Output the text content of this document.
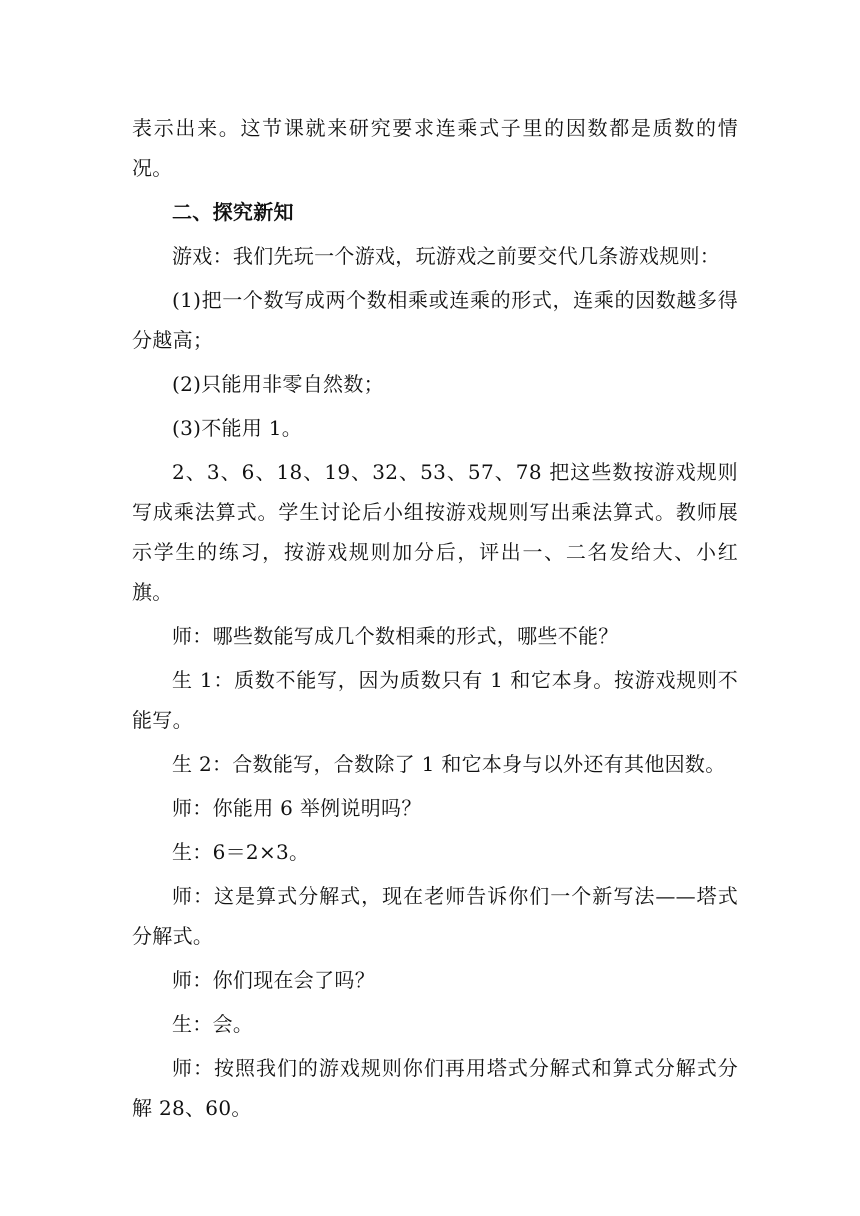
表示出来。这节课就来研究要求连乘式子里的因数都是质数的情况。

二、探究新知

游戏：我们先玩一个游戏，玩游戏之前要交代几条游戏规则：

(1)把一个数写成两个数相乘或连乘的形式，连乘的因数越多得分越高；

(2)只能用非零自然数；

(3)不能用 1。

2、3、6、18、19、32、53、57、78 把这些数按游戏规则写成乘法算式。学生讨论后小组按游戏规则写出乘法算式。教师展示学生的练习，按游戏规则加分后，评出一、二名发给大、小红旗。

师：哪些数能写成几个数相乘的形式，哪些不能？

生 1：质数不能写，因为质数只有 1 和它本身。按游戏规则不能写。

生 2：合数能写，合数除了 1 和它本身与以外还有其他因数。

师：你能用 6 举例说明吗？

生：6＝2×3。

师：这是算式分解式，现在老师告诉你们一个新写法——塔式分解式。

师：你们现在会了吗？

生：会。

师：按照我们的游戏规则你们再用塔式分解式和算式分解式分解 28、60。
